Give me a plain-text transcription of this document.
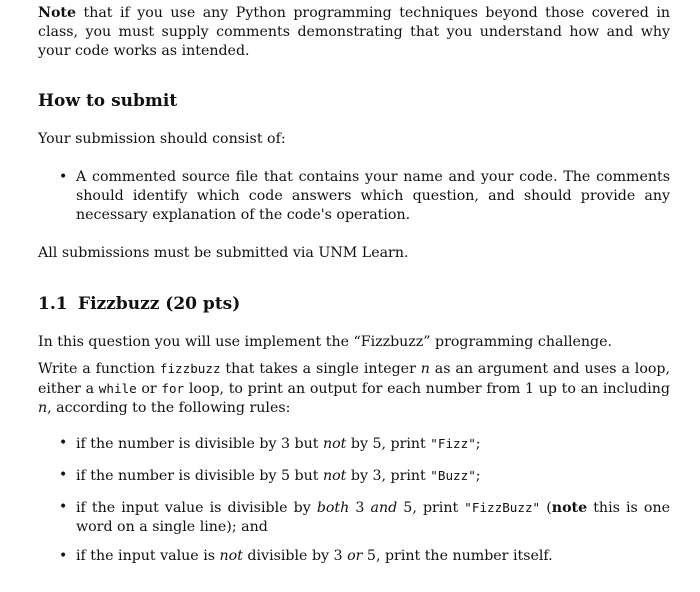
Note that if you use any Python programming techniques beyond those covered in class, you must supply comments demonstrating that you understand how and why your code works as intended.

How to submit

Your submission should consist of:

• A commented source file that contains your name and your code. The comments should identify which code answers which question, and should provide any necessary explanation of the code's operation.

All submissions must be submitted via UNM Learn.

1.1 Fizzbuzz (20 pts)

In this question you will use implement the “Fizzbuzz” programming challenge.

Write a function fizzbuzz that takes a single integer n as an argument and uses a loop, either a while or for loop, to print an output for each number from 1 up to an including n, according to the following rules:

• if the number is divisible by 3 but not by 5, print "Fizz";
• if the number is divisible by 5 but not by 3, print "Buzz";
• if the input value is divisible by both 3 and 5, print "FizzBuzz" (note this is one word on a single line); and
• if the input value is not divisible by 3 or 5, print the number itself.
